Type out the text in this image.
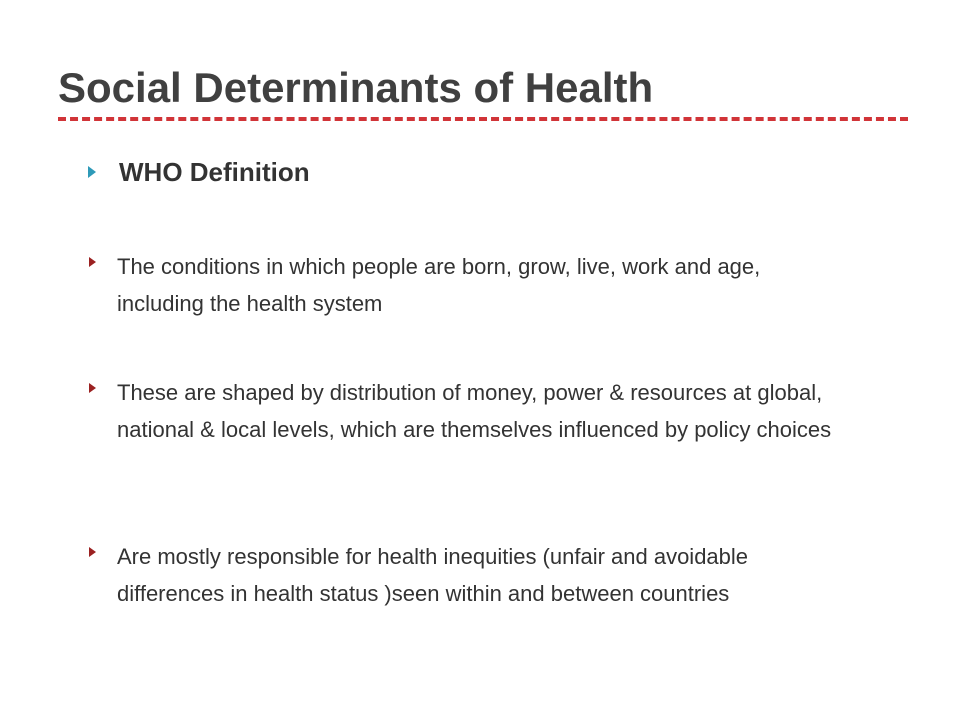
Social Determinants of Health
WHO Definition
The conditions in which people are born, grow, live, work and age, including the health system
These are shaped by distribution of money, power & resources at global, national & local levels, which are themselves influenced by policy choices
Are mostly responsible for health inequities (unfair and avoidable differences in health status )seen within and between countries
